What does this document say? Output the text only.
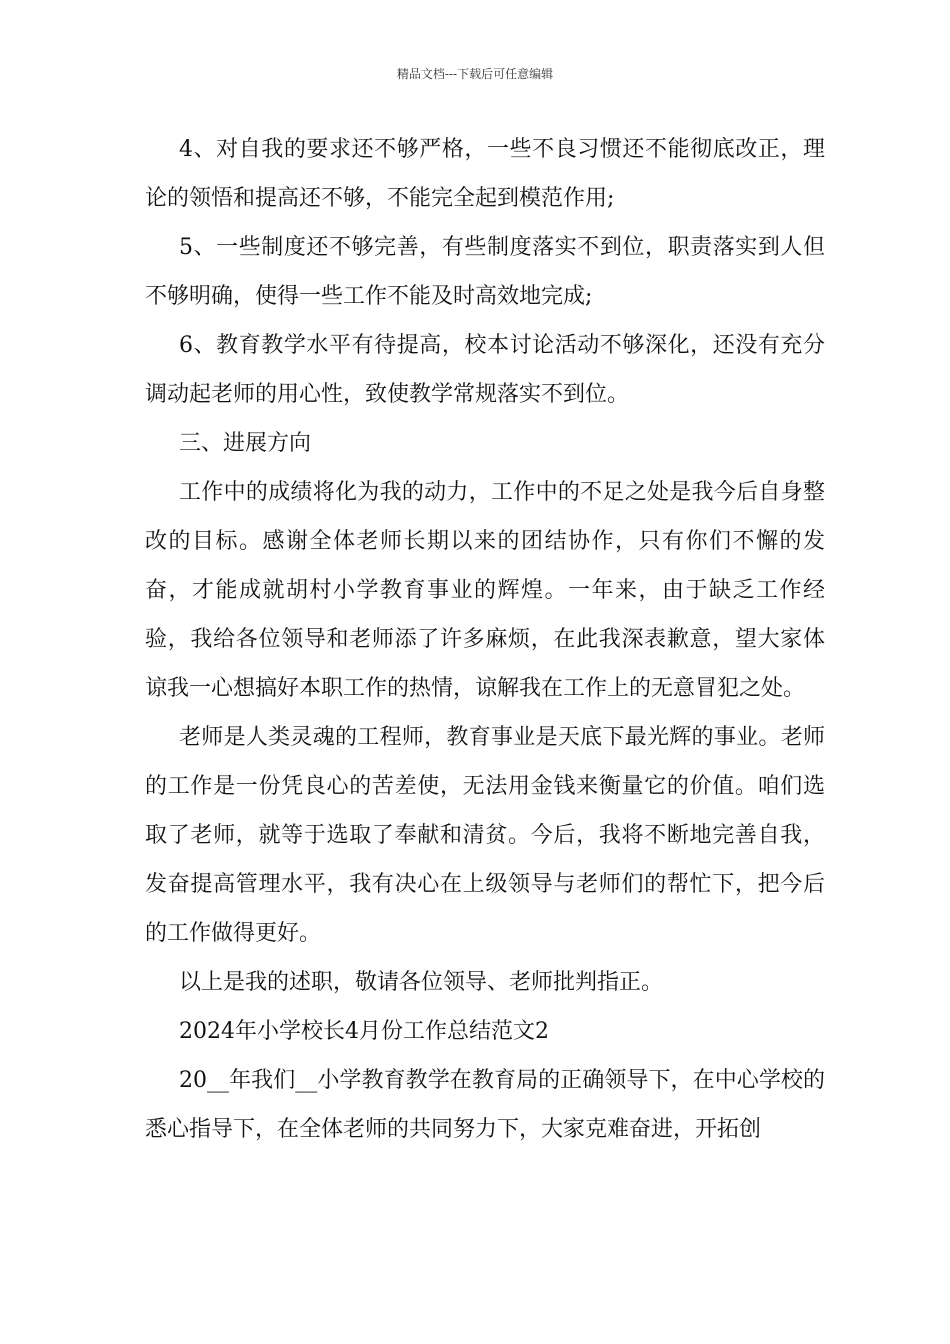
精品文档---下载后可任意编辑

4、对自我的要求还不够严格，一些不良习惯还不能彻底改正，理论的领悟和提高还不够，不能完全起到模范作用;

5、一些制度还不够完善，有些制度落实不到位，职责落实到人但不够明确，使得一些工作不能及时高效地完成;

6、教育教学水平有待提高，校本讨论活动不够深化，还没有充分调动起老师的用心性，致使教学常规落实不到位。

三、进展方向

工作中的成绩将化为我的动力，工作中的不足之处是我今后自身整改的目标。感谢全体老师长期以来的团结协作，只有你们不懈的发奋，才能成就胡村小学教育事业的辉煌。一年来，由于缺乏工作经验，我给各位领导和老师添了许多麻烦，在此我深表歉意，望大家体谅我一心想搞好本职工作的热情，谅解我在工作上的无意冒犯之处。

老师是人类灵魂的工程师，教育事业是天底下最光辉的事业。老师的工作是一份凭良心的苦差使，无法用金钱来衡量它的价值。咱们选取了老师，就等于选取了奉献和清贫。今后，我将不断地完善自我，发奋提高管理水平，我有决心在上级领导与老师们的帮忙下，把今后的工作做得更好。

以上是我的述职，敬请各位领导、老师批判指正。

2024年小学校长4月份工作总结范文2

20__年我们__小学教育教学在教育局的正确领导下，在中心学校的悉心指导下，在全体老师的共同努力下，大家克难奋进，开拓创
